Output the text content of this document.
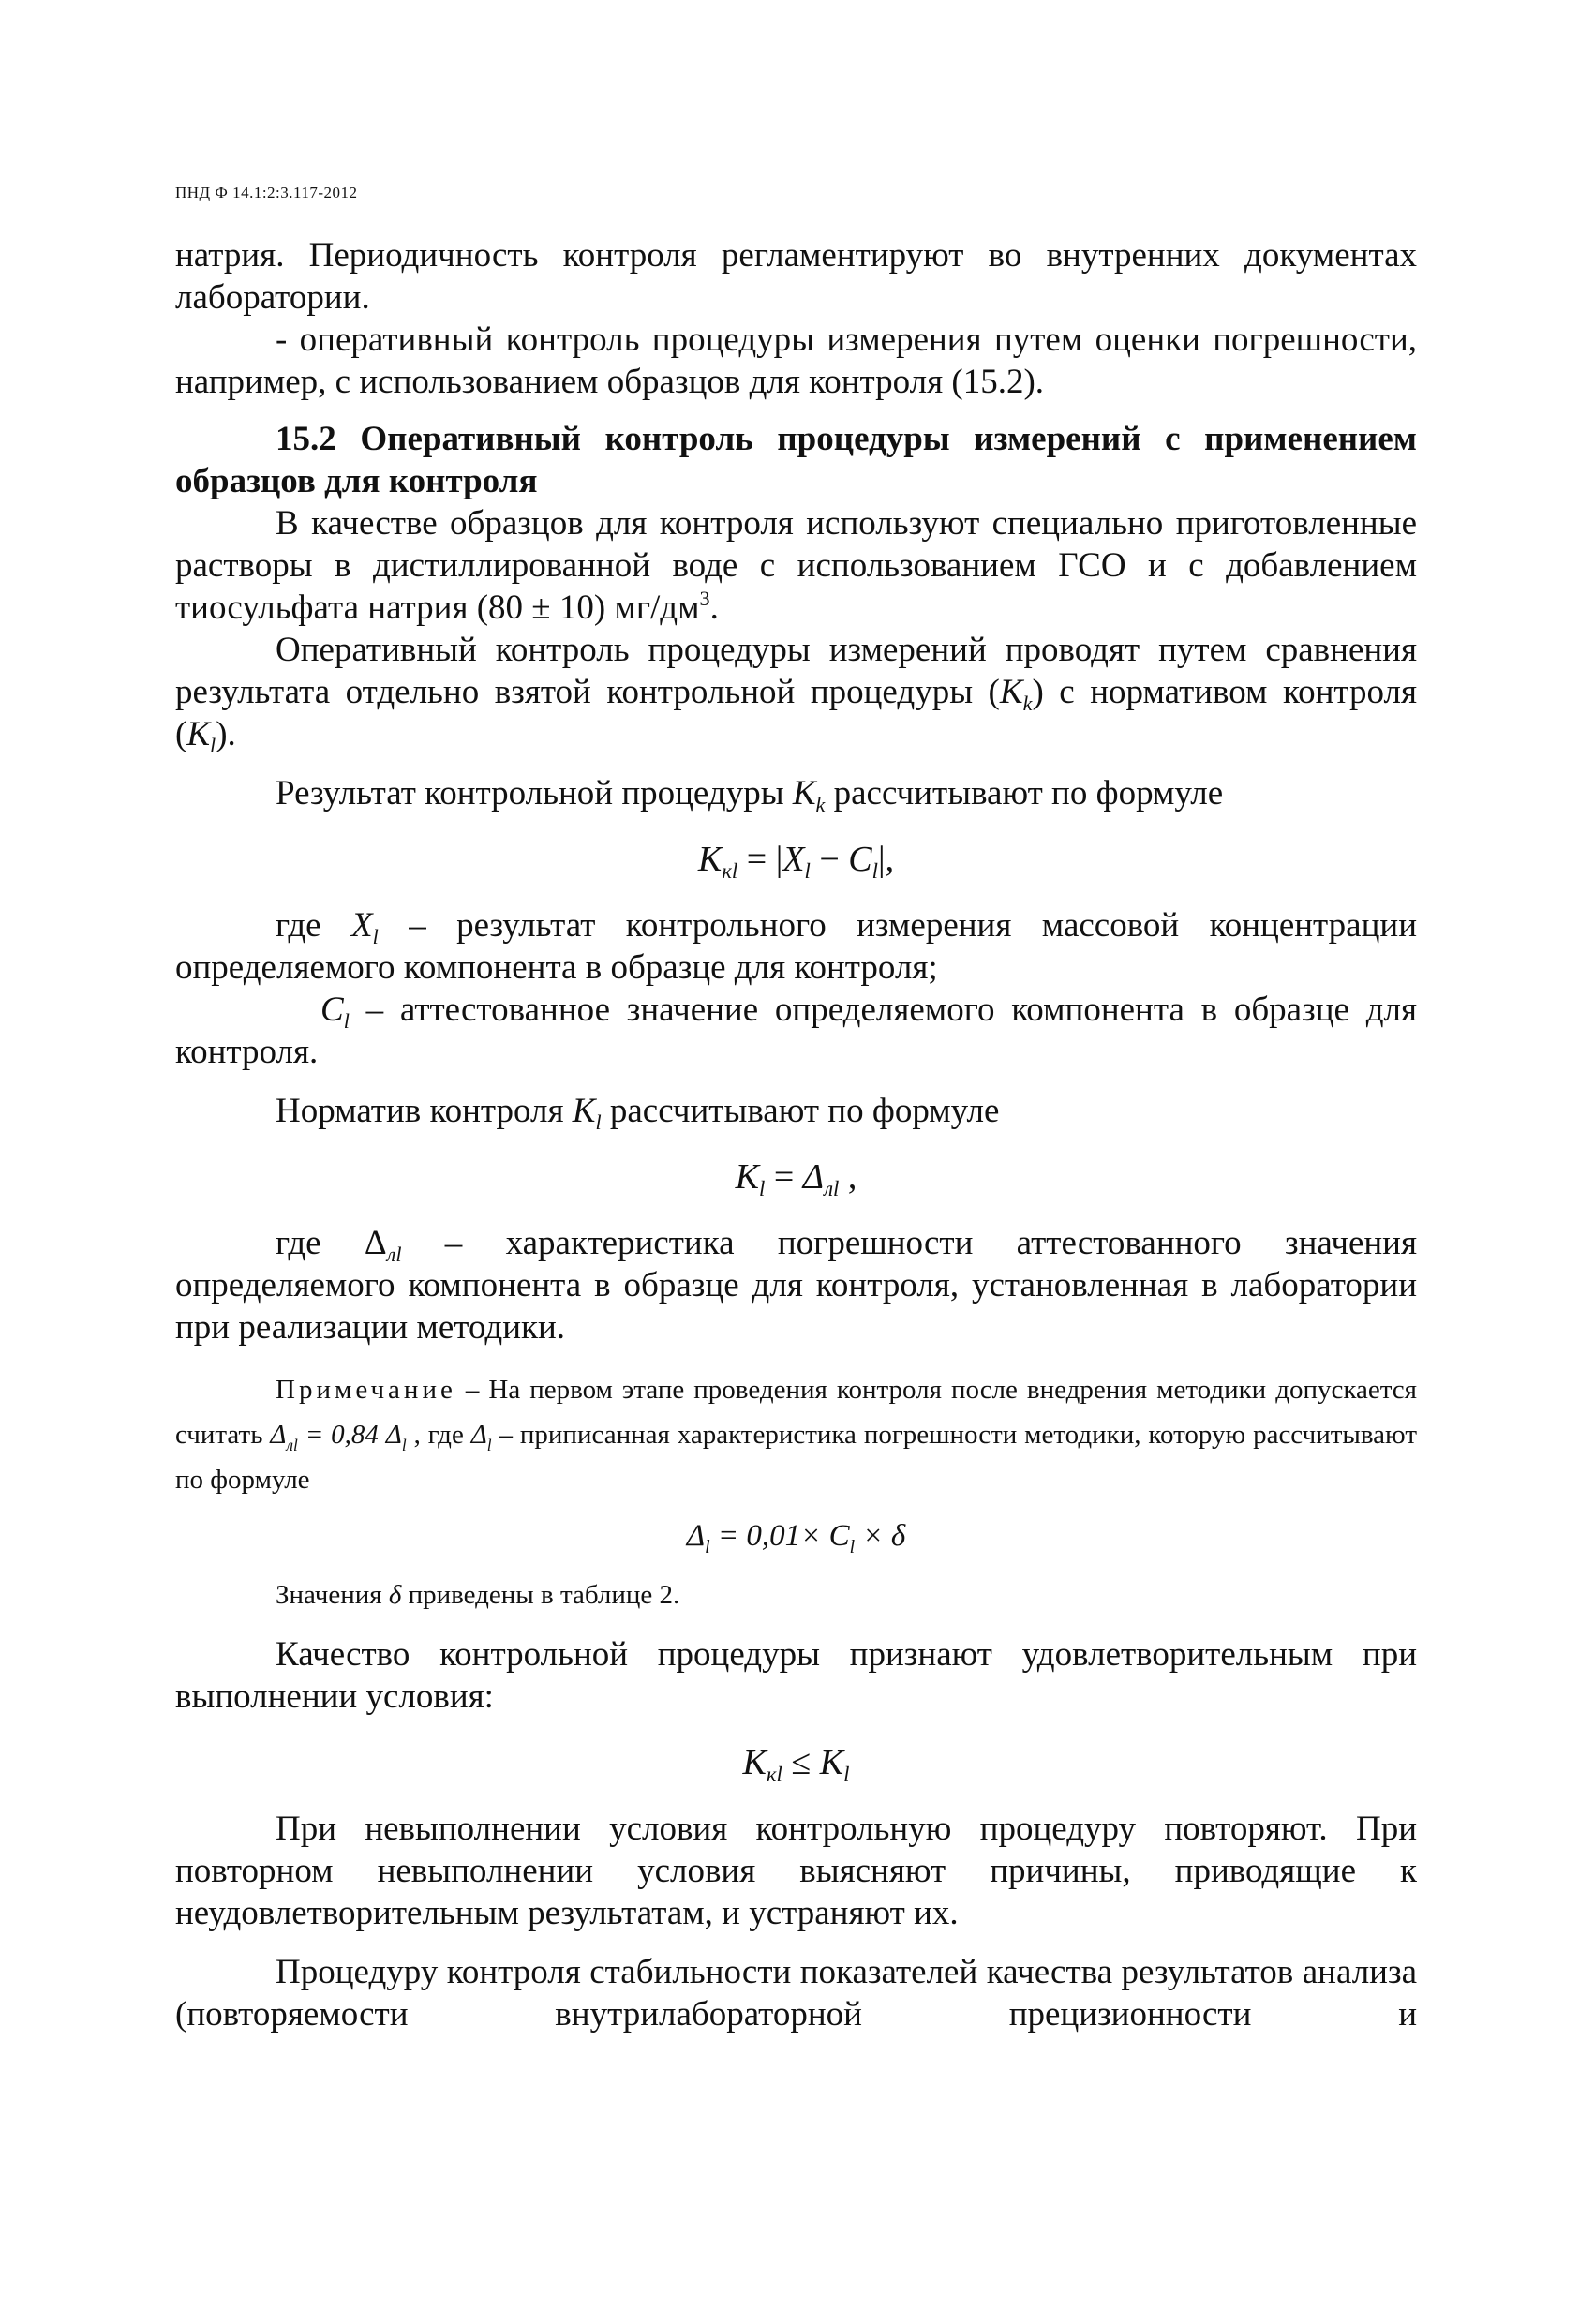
ПНД Ф 14.1:2:3.117-2012

натрия. Периодичность контроля регламентируют во внутренних документах лаборатории.

- оперативный контроль процедуры измерения путем оценки погрешности, например, с использованием образцов для контроля (15.2).

15.2 Оперативный контроль процедуры измерений с применением образцов для контроля

В качестве образцов для контроля используют специально приготовленные растворы в дистиллированной воде с использованием ГСО и с добавлением тиосульфата натрия (80 ± 10) $мг/дм^3$.

Оперативный контроль процедуры измерений проводят путем сравнения результата отдельно взятой контрольной процедуры $(K_k)$ с нормативом контроля $(K_l)$.

Результат контрольной процедуры $K_k$ рассчитывают по формуле

$K_{кl} = |X_l - C_l|$,

где $X_l$ – результат контрольного измерения массовой концентрации определяемого компонента в образце для контроля;

$C_l$ – аттестованное значение определяемого компонента в образце для контроля.

Норматив контроля $K_l$ рассчитывают по формуле

$K_l = \Delta_{лl}$ ,

где $\Delta_{лl}$ – характеристика погрешности аттестованного значения определяемого компонента в образце для контроля, установленная в лаборатории при реализации методики.

Примечание – На первом этапе проведения контроля после внедрения методики допускается считать $\Delta_{лl} = 0,84$ $\Delta_l$ , где $\Delta_l$ – приписанная характеристика погрешности методики, которую рассчитывают по формуле

$\Delta_l = 0,01\times C_l \times \delta$

Значения δ приведены в таблице 2.

Качество контрольной процедуры признают удовлетворительным при выполнении условия:

$K_{кl} \le K_l$

При невыполнении условия контрольную процедуру повторяют. При повторном невыполнении условия выясняют причины, приводящие к неудовлетворительным результатам, и устраняют их.

Процедуру контроля стабильности показателей качества результатов анализа (повторяемости внутрилабораторной прецизионности и
